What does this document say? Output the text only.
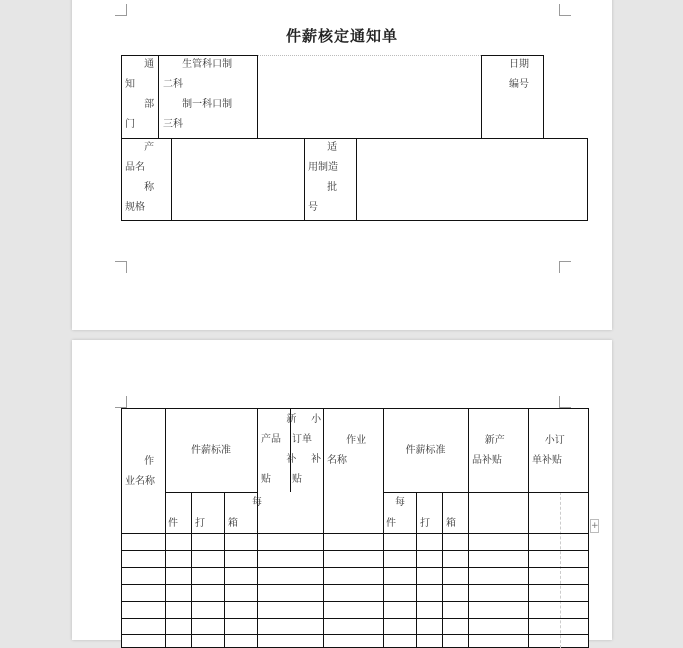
件薪核定通知单
通
知
部
门
生管科口制
二科
制一科口制
三科
日期
编号
产
品名
称
规格
适
用制造
批
号
作
业名称
件薪标准
新
产品
补
贴
小
订单
补
贴
作业
名称
件薪标准
新产
品补贴
小订
单补贴
件 打 箱
每
件 打 箱
每
+
